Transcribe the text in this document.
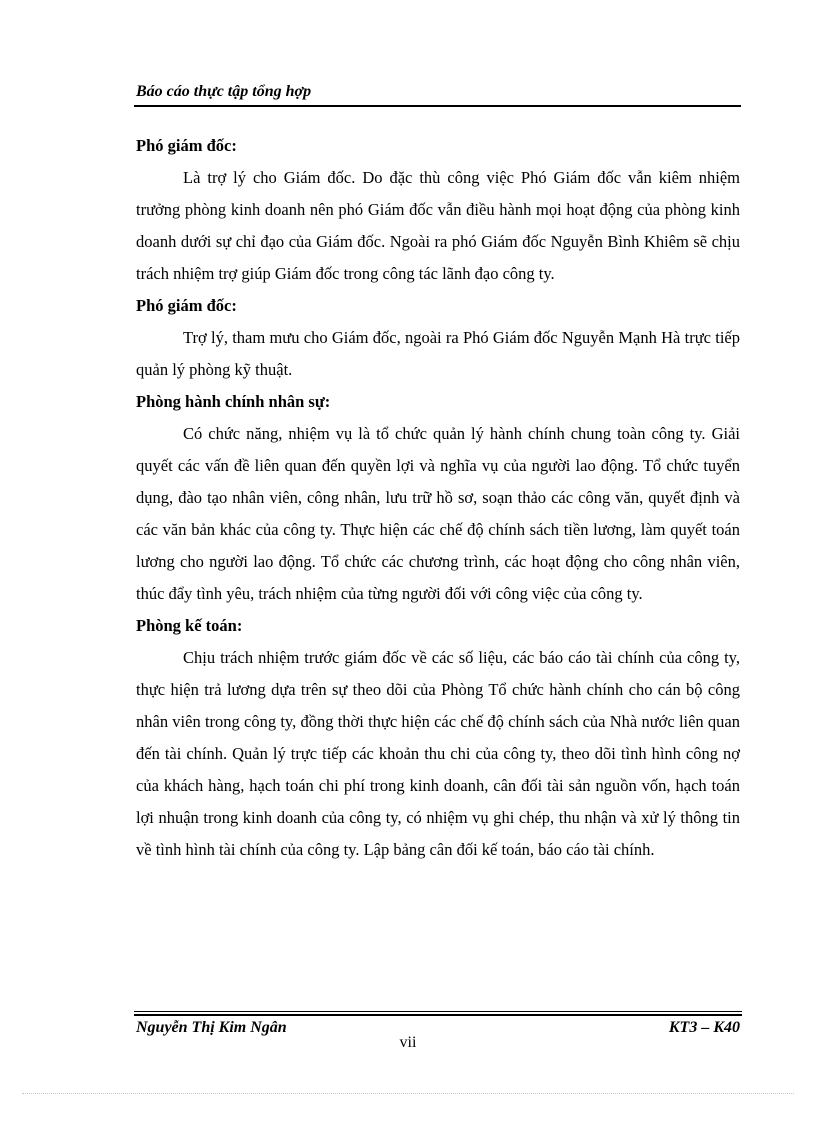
Báo cáo thực tập tổng hợp

Phó giám đốc:

Là trợ lý cho Giám đốc. Do đặc thù công việc Phó Giám đốc vẫn kiêm nhiệm trưởng phòng kinh doanh nên phó Giám đốc vẫn điều hành mọi hoạt động của phòng kinh doanh dưới sự chỉ đạo của Giám đốc. Ngoài ra phó Giám đốc Nguyễn Bình Khiêm sẽ chịu trách nhiệm trợ giúp Giám đốc trong công tác lãnh đạo công ty.

Phó giám đốc:

Trợ lý, tham mưu cho Giám đốc, ngoài ra Phó Giám đốc Nguyễn Mạnh Hà trực tiếp quản lý phòng kỹ thuật.

Phòng hành chính nhân sự:

Có chức năng, nhiệm vụ là tổ chức quản lý hành chính chung toàn công ty. Giải quyết các vấn đề liên quan đến quyền lợi và nghĩa vụ của người lao động. Tổ chức tuyển dụng, đào tạo nhân viên, công nhân, lưu trữ hồ sơ, soạn thảo các công văn, quyết định và các văn bản khác của công ty. Thực hiện các chế độ chính sách tiền lương, làm quyết toán lương cho người lao động. Tổ chức các chương trình, các hoạt động cho công nhân viên, thúc đẩy tình yêu, trách nhiệm của từng người đối với công việc của công ty.

Phòng kế toán:

Chịu trách nhiệm trước giám đốc về các số liệu, các báo cáo tài chính của công ty, thực hiện trả lương dựa trên sự theo dõi của Phòng Tổ chức hành chính cho cán bộ công nhân viên trong công ty, đồng thời thực hiện các chế độ chính sách của Nhà nước liên quan đến tài chính. Quản lý trực tiếp các khoản thu chi của công ty, theo dõi tình hình công nợ của khách hàng, hạch toán chi phí trong kinh doanh, cân đối tài sản nguồn vốn, hạch toán lợi nhuận trong kinh doanh của công ty, có nhiệm vụ ghi chép, thu nhận và xử lý thông tin về tình hình tài chính của công ty. Lập bảng cân đối kế toán, báo cáo tài chính.

Nguyễn Thị Kim Ngân	KT3 – K40
vii
